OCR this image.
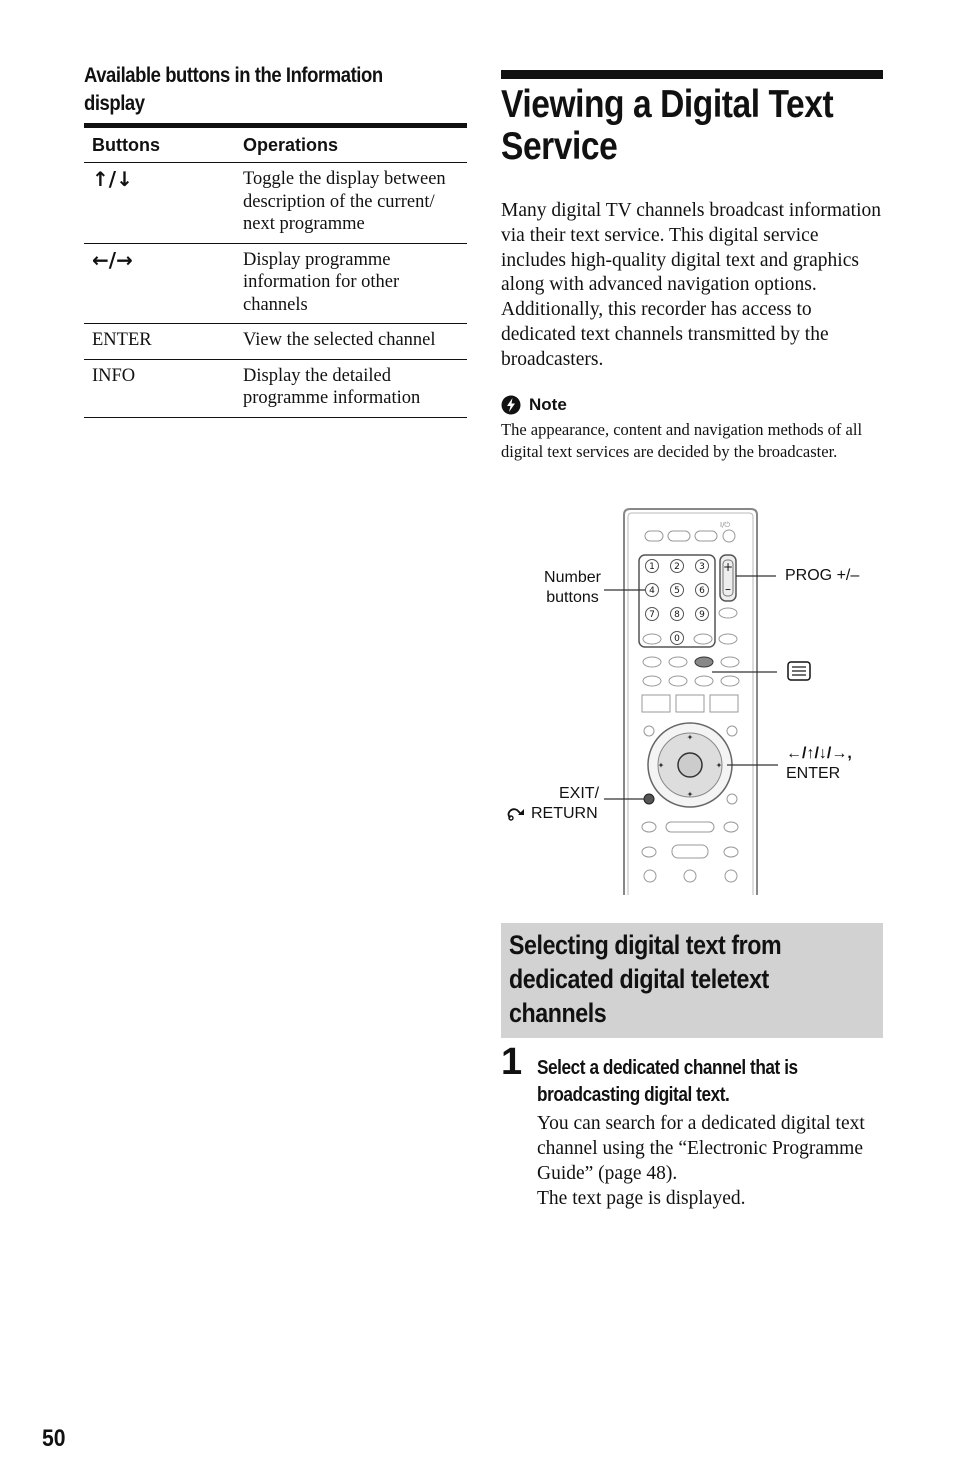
Available buttons in the Information display
Buttons	Operations
↑/↓	Toggle the display between description of the current/ next programme
←/→	Display programme information for other channels
ENTER	View the selected channel
INFO	Display the detailed programme information
Viewing a Digital Text Service

Many digital TV channels broadcast information via their text service. This digital service includes high-quality digital text and graphics along with advanced navigation options. Additionally, this recorder has access to dedicated text channels transmitted by the broadcasters.

Note

The appearance, content and navigation methods of all digital text services are decided by the broadcaster.

I/⏻
1 2 3
4 5 6
7 8 9
0
+
–
✦
✦
✦	✦
Number buttons
PROG +/–
←/↑/↓/→,
ENTER
EXIT/
RETURN
Selecting digital text from dedicated digital teletext channels
1 Select a dedicated channel that is broadcasting digital text.

You can search for a dedicated digital text channel using the “Electronic Programme Guide” (page 48).

The text page is displayed.

50
